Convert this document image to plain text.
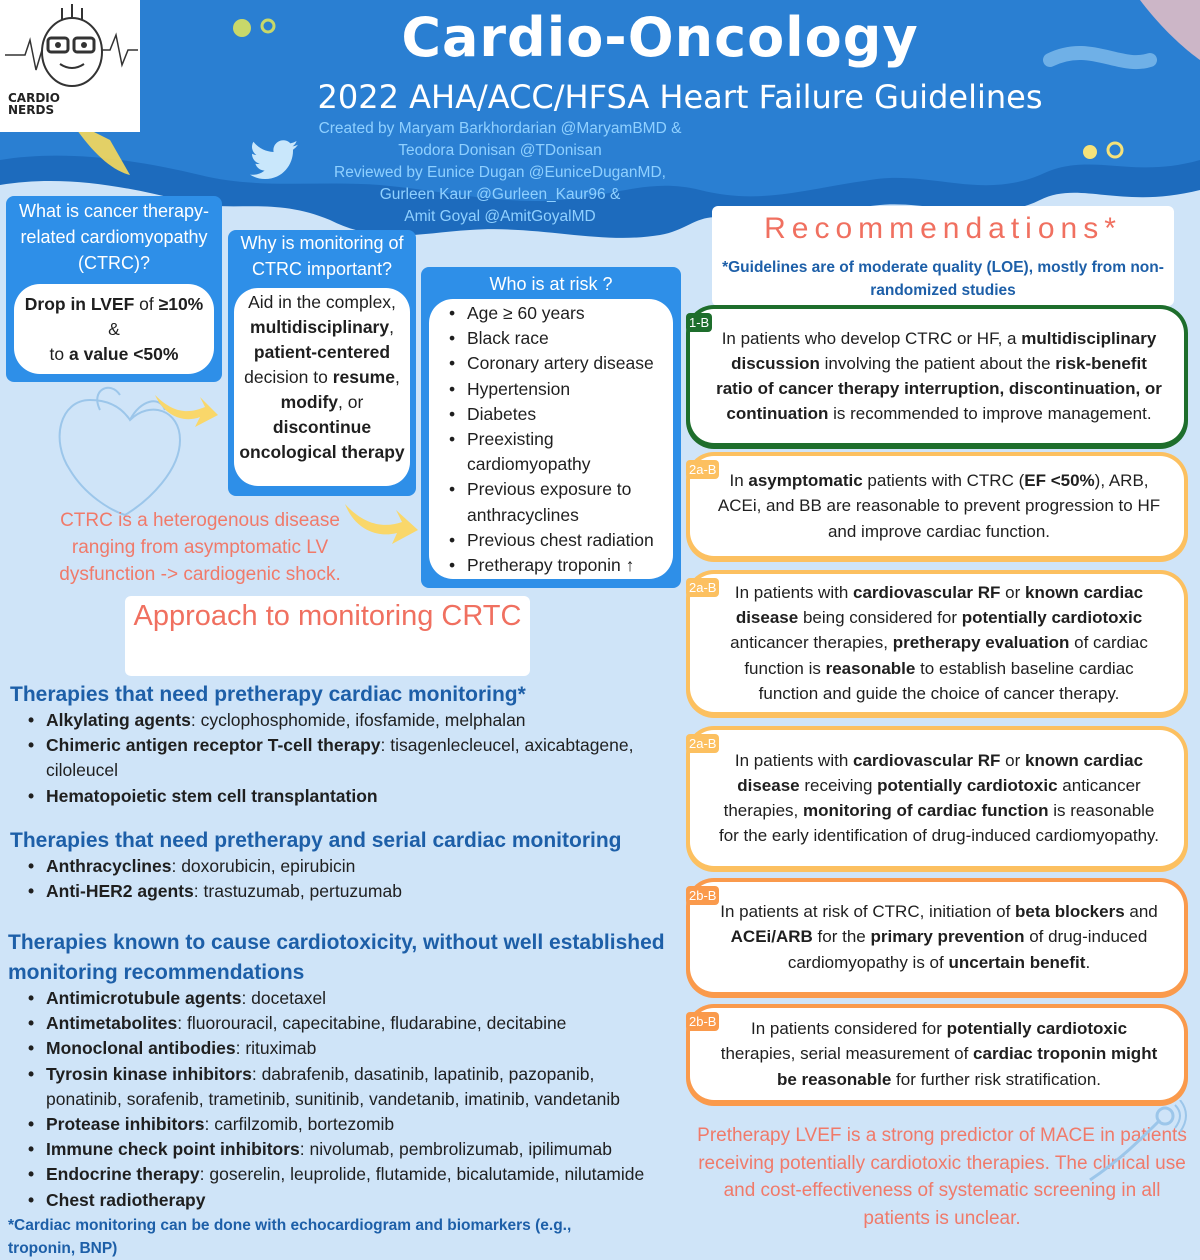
CARDIO
NERDS
Cardio-Oncology
2022 AHA/ACC/HFSA Heart Failure Guidelines
Created by Maryam Barkhordarian @MaryamBMD &
Teodora Donisan @TDonisan
Reviewed by Eunice Dugan @EuniceDuganMD,
Gurleen Kaur @Gurleen_Kaur96 &
Amit Goyal @AmitGoyalMD
What is cancer therapy-related cardiomyopathy (CTRC)?
Drop in LVEF of ≥10%
&
to a value <50%
Why is monitoring of CTRC important?
Aid in the complex, multidisciplinary, patient-centered decision to resume, modify, or discontinue oncological therapy
Who is at risk ?
• Age ≥ 60 years
• Black race
• Coronary artery disease
• Hypertension
• Diabetes
• Preexisting cardiomyopathy
• Previous exposure to anthracyclines
• Previous chest radiation
• Pretherapy troponin ↑
CTRC is a heterogenous disease ranging from asymptomatic LV dysfunction -> cardiogenic shock.
Approach to monitoring CRTC
Therapies that need pretherapy cardiac monitoring*
• Alkylating agents: cyclophosphomide, ifosfamide, melphalan
• Chimeric antigen receptor T-cell therapy: tisagenlecleucel, axicabtagene, ciloleucel
• Hematopoietic stem cell transplantation
Therapies that need pretherapy and serial cardiac monitoring
• Anthracyclines: doxorubicin, epirubicin
• Anti-HER2 agents: trastuzumab, pertuzumab
Therapies known to cause cardiotoxicity, without well established monitoring recommendations
• Antimicrotubule agents: docetaxel
• Antimetabolites: fluorouracil, capecitabine, fludarabine, decitabine
• Monoclonal antibodies: rituximab
• Tyrosin kinase inhibitors: dabrafenib, dasatinib, lapatinib, pazopanib, ponatinib, sorafenib, trametinib, sunitinib, vandetanib, imatinib, vandetanib
• Protease inhibitors: carfilzomib, bortezomib
• Immune check point inhibitors: nivolumab, pembrolizumab, ipilimumab
• Endocrine therapy: goserelin, leuprolide, flutamide, bicalutamide, nilutamide
• Chest radiotherapy
*Cardiac monitoring can be done with echocardiogram and biomarkers (e.g., troponin, BNP)
Recommendations*
*Guidelines are of moderate quality (LOE), mostly from non-randomized studies
1-B
In patients who develop CTRC or HF, a multidisciplinary discussion involving the patient about the risk-benefit ratio of cancer therapy interruption, discontinuation, or continuation is recommended to improve management.
2a-B
In asymptomatic patients with CTRC (EF <50%), ARB, ACEi, and BB are reasonable to prevent progression to HF and improve cardiac function.
2a-B	In patients with cardiovascular RF or known cardiac disease being considered for potentially cardiotoxic anticancer therapies, pretherapy evaluation of cardiac function is reasonable to establish baseline cardiac function and guide the choice of cancer therapy.
2a-B
In patients with cardiovascular RF or known cardiac disease receiving potentially cardiotoxic anticancer therapies, monitoring of cardiac function is reasonable for the early identification of drug-induced cardiomyopathy.
2b-B
In patients at risk of CTRC, initiation of beta blockers and ACEi/ARB for the primary prevention of drug-induced cardiomyopathy is of uncertain benefit.
2b-B	In patients considered for potentially cardiotoxic therapies, serial measurement of cardiac troponin might be reasonable for further risk stratification.
Pretherapy LVEF is a strong predictor of MACE in patients receiving potentially cardiotoxic therapies. The clinical use and cost-effectiveness of systematic screening in all patients is unclear.
